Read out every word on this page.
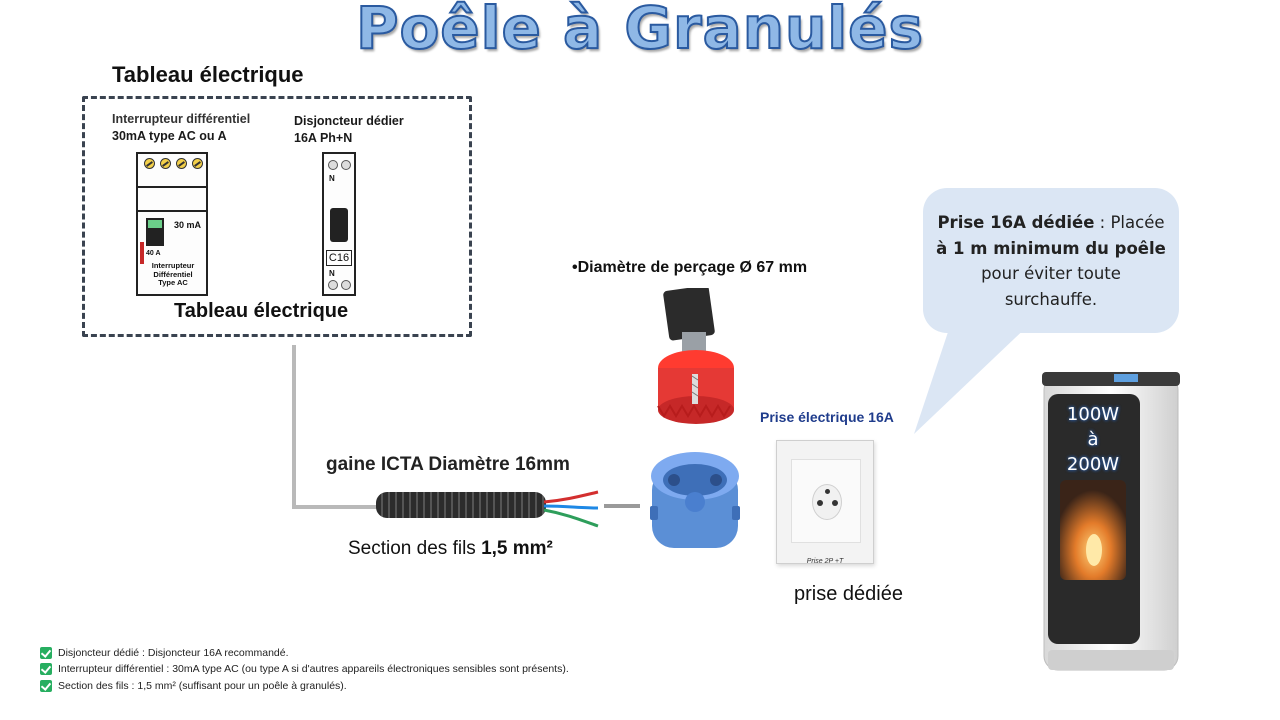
Poêle à Granulés
Tableau électrique
Interrupteur différentiel
30mA type AC ou A
Disjoncteur dédier
16A Ph+N
30 mA
40 A
Interrupteur
Différentiel
Type AC
N
C16
N
Tableau électrique
gaine ICTA Diamètre 16mm
Section des fils 1,5 mm²
•Diamètre de perçage Ø 67 mm
Prise électrique 16A
Prise 2P +T
prise dédiée
Prise 16A dédiée : Placée
à 1 m minimum du poêle
pour éviter toute
surchauffe.
100W
à
200W
Disjoncteur dédié : Disjoncteur 16A recommandé.
Interrupteur différentiel : 30mA type AC (ou type A si d'autres appareils électroniques sensibles sont présents).
Section des fils : 1,5 mm² (suffisant pour un poêle à granulés).
